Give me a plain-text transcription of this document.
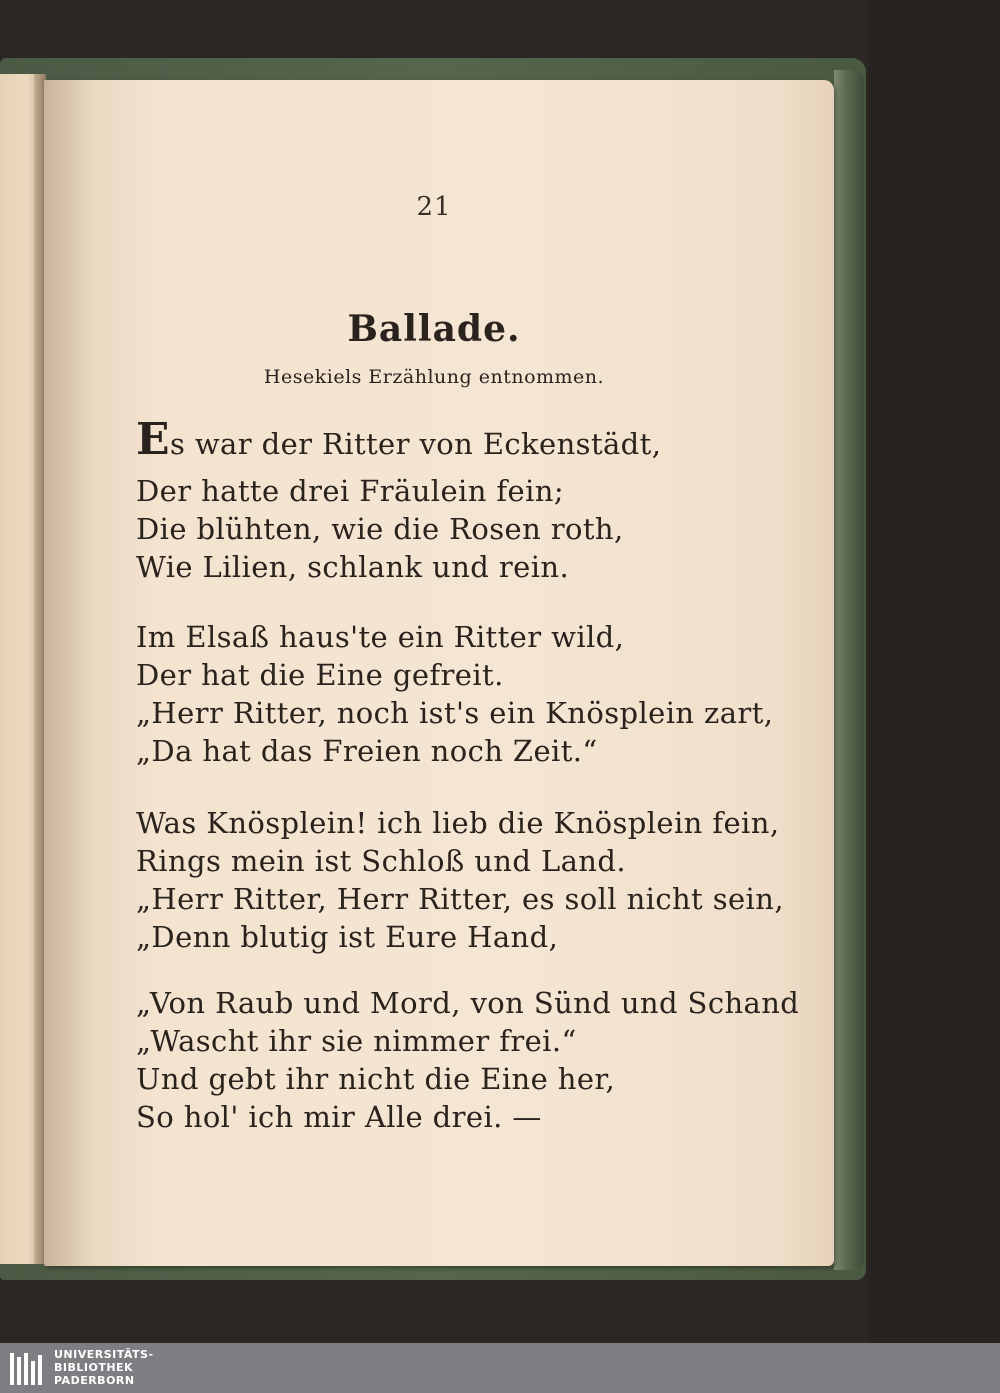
21

Ballade.

Hesekiels Erzählung entnommen.

Es war der Ritter von Eckenstädt,

Der hatte drei Fräulein fein;

Die blühten, wie die Rosen roth,

Wie Lilien, schlank und rein.

Im Elsaß haus'te ein Ritter wild,

Der hat die Eine gefreit.

„Herr Ritter, noch ist's ein Knösplein zart,

„Da hat das Freien noch Zeit.“

Was Knösplein! ich lieb die Knösplein fein,

Rings mein ist Schloß und Land.

„Herr Ritter, Herr Ritter, es soll nicht sein,

„Denn blutig ist Eure Hand,

„Von Raub und Mord, von Sünd und Schand

„Wascht ihr sie nimmer frei.“

Und gebt ihr nicht die Eine her,

So hol' ich mir Alle drei. —

UNIVERSITÄTS-
BIBLIOTHEK
PADERBORN
